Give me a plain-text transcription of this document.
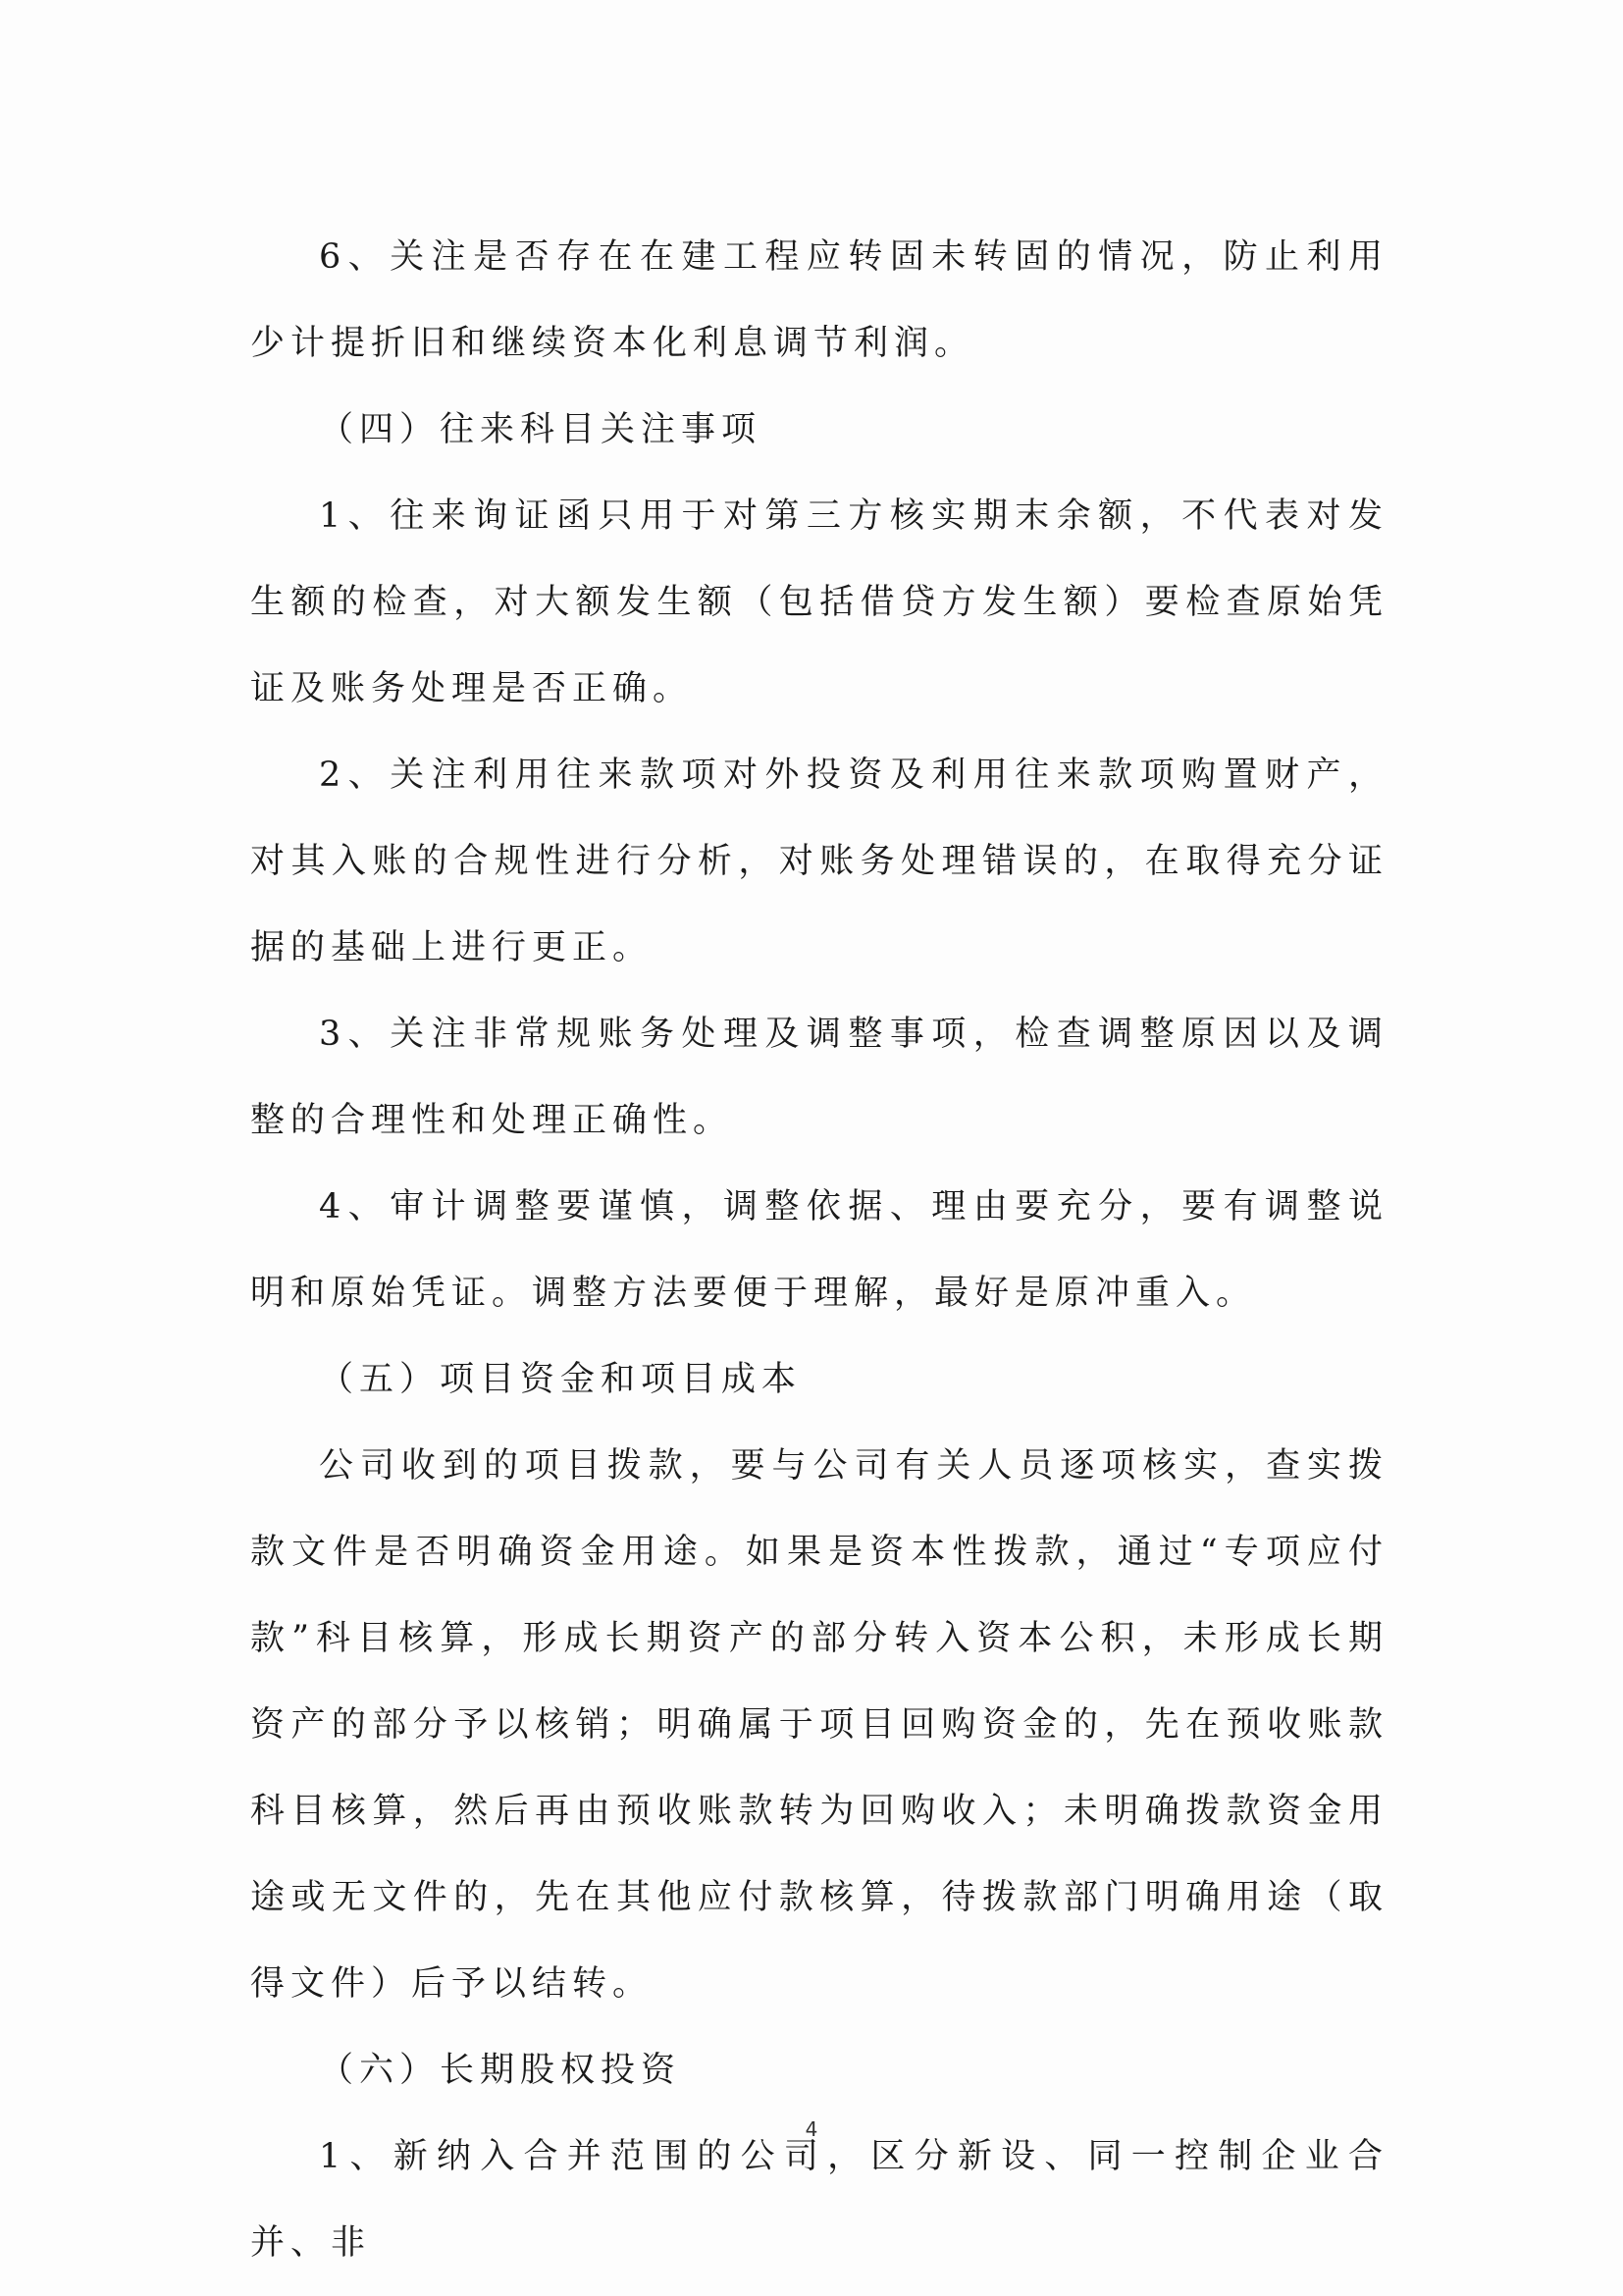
6、关注是否存在在建工程应转固未转固的情况，防止利用少计提折旧和继续资本化利息调节利润。

（四）往来科目关注事项

1、往来询证函只用于对第三方核实期末余额，不代表对发生额的检查，对大额发生额（包括借贷方发生额）要检查原始凭证及账务处理是否正确。

2、关注利用往来款项对外投资及利用往来款项购置财产，对其入账的合规性进行分析，对账务处理错误的，在取得充分证据的基础上进行更正。

3、关注非常规账务处理及调整事项，检查调整原因以及调整的合理性和处理正确性。

4、审计调整要谨慎，调整依据、理由要充分，要有调整说明和原始凭证。调整方法要便于理解，最好是原冲重入。

（五）项目资金和项目成本

公司收到的项目拨款，要与公司有关人员逐项核实，查实拨款文件是否明确资金用途。如果是资本性拨款，通过“专项应付款”科目核算，形成长期资产的部分转入资本公积，未形成长期资产的部分予以核销；明确属于项目回购资金的，先在预收账款科目核算，然后再由预收账款转为回购收入；未明确拨款资金用途或无文件的，先在其他应付款核算，待拨款部门明确用途（取得文件）后予以结转。

（六）长期股权投资

1、新纳入合并范围的公司，区分新设、同一控制企业合并、非

4
